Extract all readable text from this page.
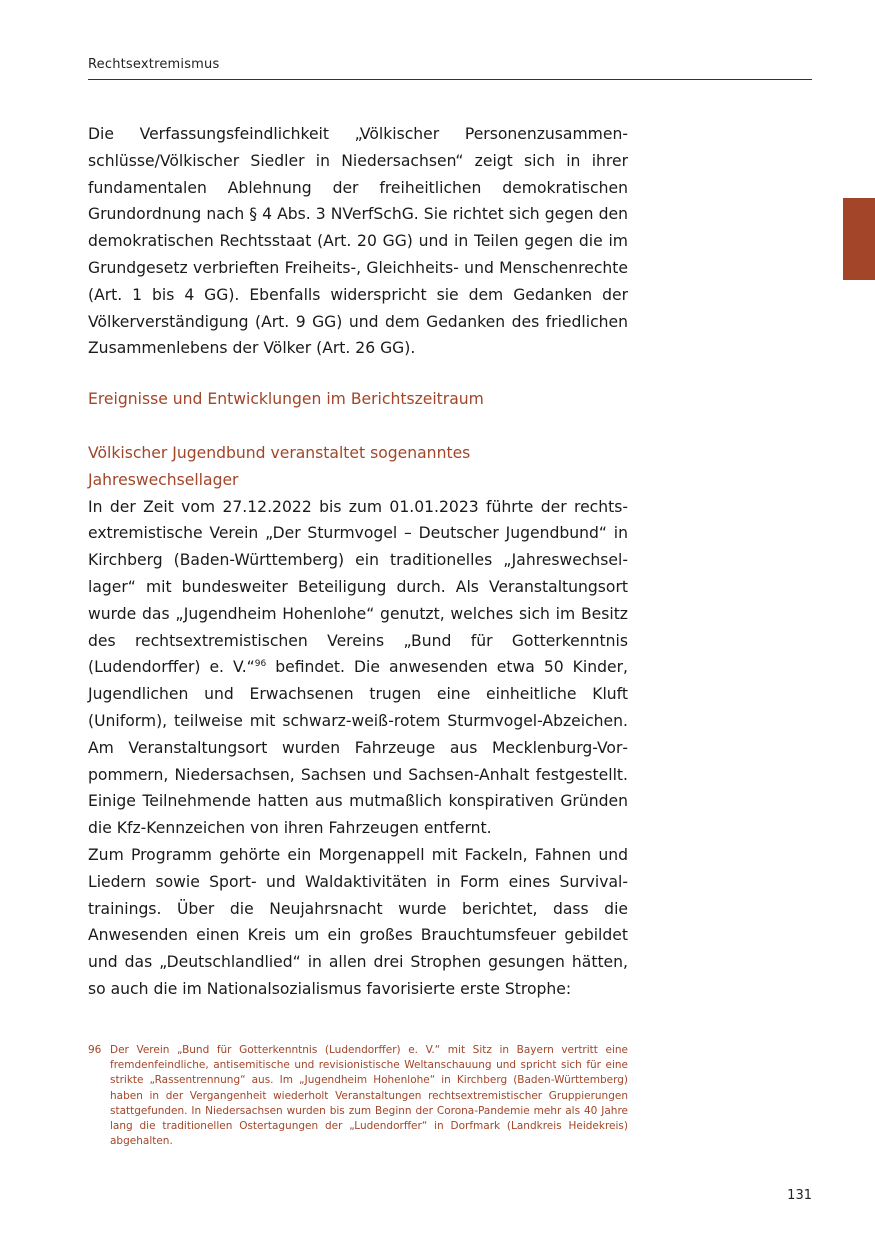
Rechtsextremismus

Die Verfassungsfeindlichkeit „Völkischer Personenzusammenschlüsse/Völkischer Siedler in Niedersachsen“ zeigt sich in ihrer fundamentalen Ablehnung der freiheitlichen demokratischen Grundordnung nach § 4 Abs. 3 NVerfSchG. Sie richtet sich gegen den demokratischen Rechtsstaat (Art. 20 GG) und in Teilen gegen die im Grundgesetz verbrieften Freiheits-, Gleichheits- und Menschenrechte (Art. 1 bis 4 GG). Ebenfalls widerspricht sie dem Gedanken der Völkerverständigung (Art. 9 GG) und dem Gedanken des friedlichen Zusammenlebens der Völker (Art. 26 GG).

Ereignisse und Entwicklungen im Berichtszeitraum
Völkischer Jugendbund veranstaltet sogenanntes
Jahreswechsellager

In der Zeit vom 27.12.2022 bis zum 01.01.2023 führte der rechtsextremistische Verein „Der Sturmvogel – Deutscher Jugendbund“ in Kirchberg (Baden-Württemberg) ein traditionelles „Jahreswechsellager“ mit bundesweiter Beteiligung durch. Als Veranstaltungsort wurde das „Jugendheim Hohenlohe“ genutzt, welches sich im Besitz des rechtsextremistischen Vereins „Bund für Gotterkenntnis (Ludendorffer) e. V.“$^{96}$ befindet. Die anwesenden etwa 50 Kinder, Jugendlichen und Erwachsenen trugen eine einheitliche Kluft (Uniform), teilweise mit schwarz-weiß-rotem Sturmvogel-Abzeichen. Am Veranstaltungsort wurden Fahrzeuge aus Mecklenburg-Vorpommern, Niedersachsen, Sachsen und Sachsen-Anhalt festgestellt. Einige Teilnehmende hatten aus mutmaßlich konspirativen Gründen die Kfz-Kennzeichen von ihren Fahrzeugen entfernt.

Zum Programm gehörte ein Morgenappell mit Fackeln, Fahnen und Liedern sowie Sport- und Waldaktivitäten in Form eines Survivaltrainings. Über die Neujahrsnacht wurde berichtet, dass die Anwesenden einen Kreis um ein großes Brauchtumsfeuer gebildet und das „Deutschlandlied“ in allen drei Strophen gesungen hätten, so auch die im Nationalsozialismus favorisierte erste Strophe:

96 Der Verein „Bund für Gotterkenntnis (Ludendorffer) e. V.“ mit Sitz in Bayern vertritt eine fremdenfeindliche, antisemitische und revisionistische Weltanschauung und spricht sich für eine strikte „Rassentrennung“ aus. Im „Jugendheim Hohenlohe“ in Kirchberg (Baden-Württemberg) haben in der Vergangenheit wiederholt Veranstaltungen rechtsextremistischer Gruppierungen stattgefunden. In Niedersachsen wurden bis zum Beginn der Corona-Pandemie mehr als 40 Jahre lang die traditionellen Ostertagungen der „Ludendorffer“ in Dorfmark (Landkreis Heidekreis) abgehalten.
131
